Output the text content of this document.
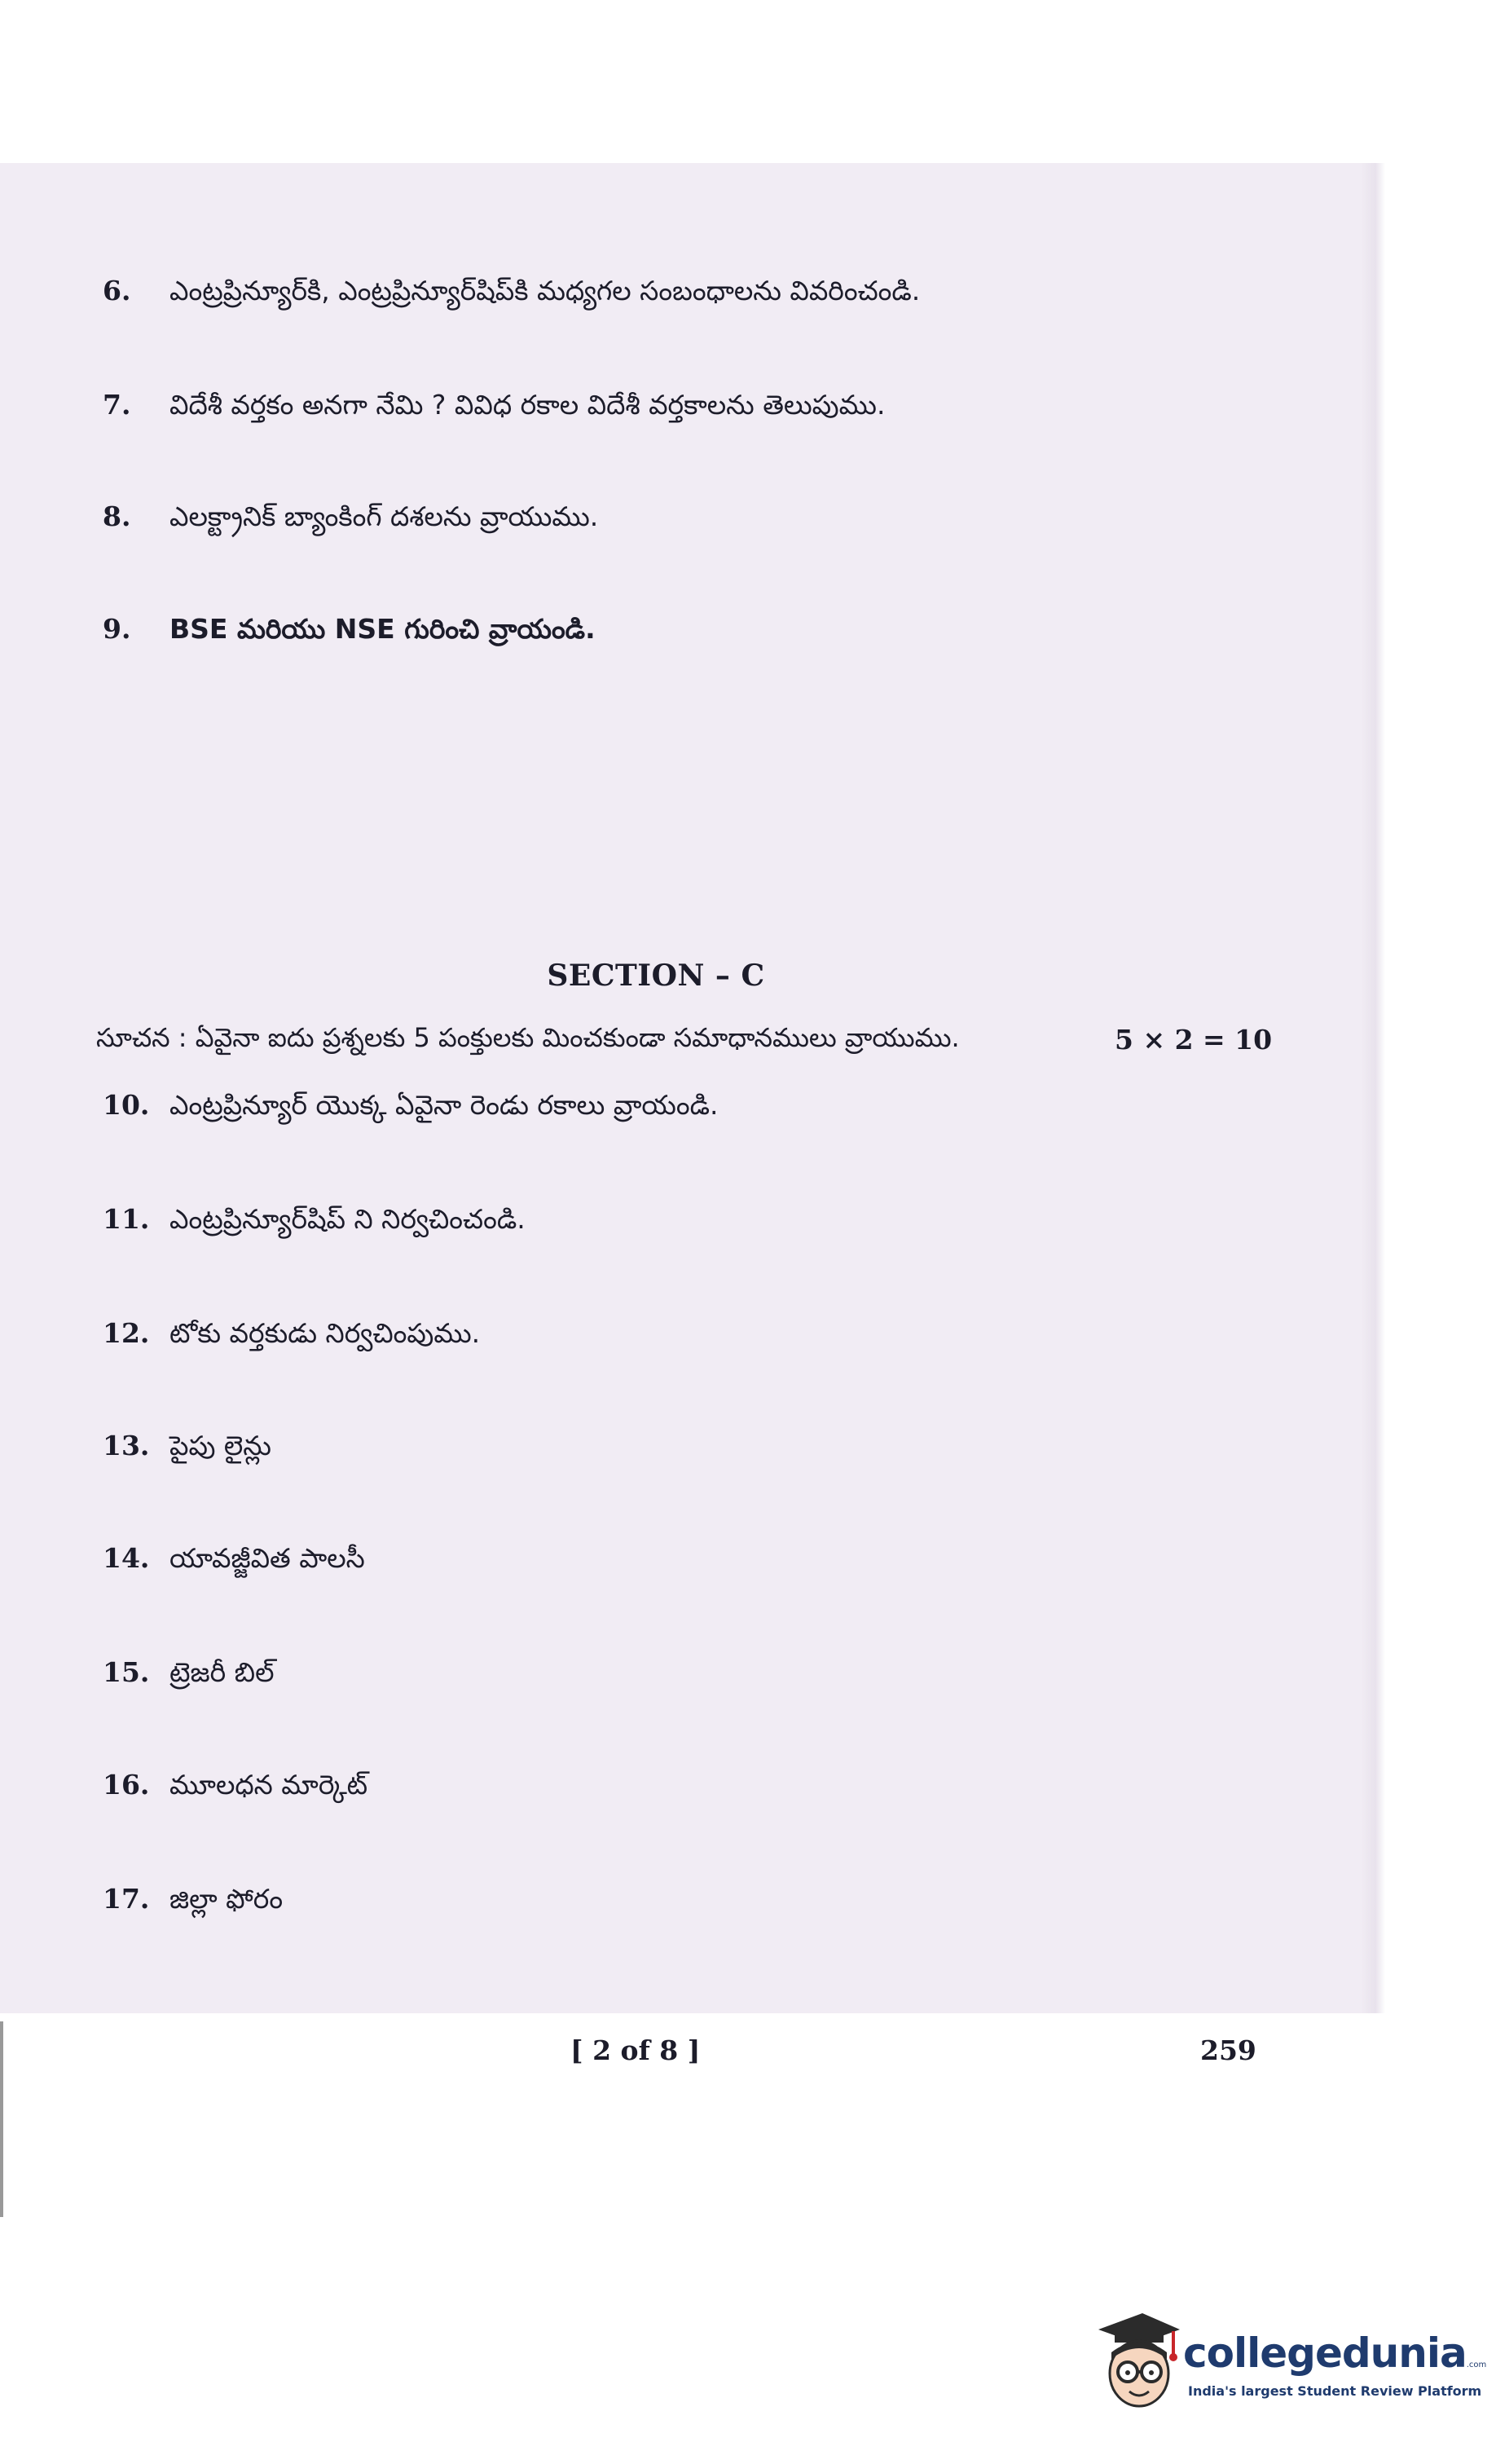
6. ఎంట్రప్రిన్యూర్‌కి, ఎంట్రప్రిన్యూర్‌షిప్‌కి మధ్యగల సంబంధాలను వివరించండి.
7. విదేశీ వర్తకం అనగా నేమి ? వివిధ రకాల విదేశీ వర్తకాలను తెలుపుము.
8. ఎలక్ట్రానిక్ బ్యాంకింగ్ దశలను వ్రాయుము.
9. BSE మరియు NSE గురించి వ్రాయండి.
SECTION – C
సూచన : ఏవైనా ఐదు ప్రశ్నలకు 5 పంక్తులకు మించకుండా సమాధానములు వ్రాయుము.	5 × 2 = 10
10. ఎంట్రప్రిన్యూర్ యొక్క ఏవైనా రెండు రకాలు వ్రాయండి.
11. ఎంట్రప్రిన్యూర్‌షిప్ ని నిర్వచించండి.
12. టోకు వర్తకుడు నిర్వచింపుము.
13. పైపు లైన్లు
14. యావజ్జీవిత పాలసీ
15. ట్రెజరీ బిల్
16. మూలధన మార్కెట్
17. జిల్లా ఫోరం
[ 2 of 8 ]	259
collegedunia.com
India's largest Student Review Platform
